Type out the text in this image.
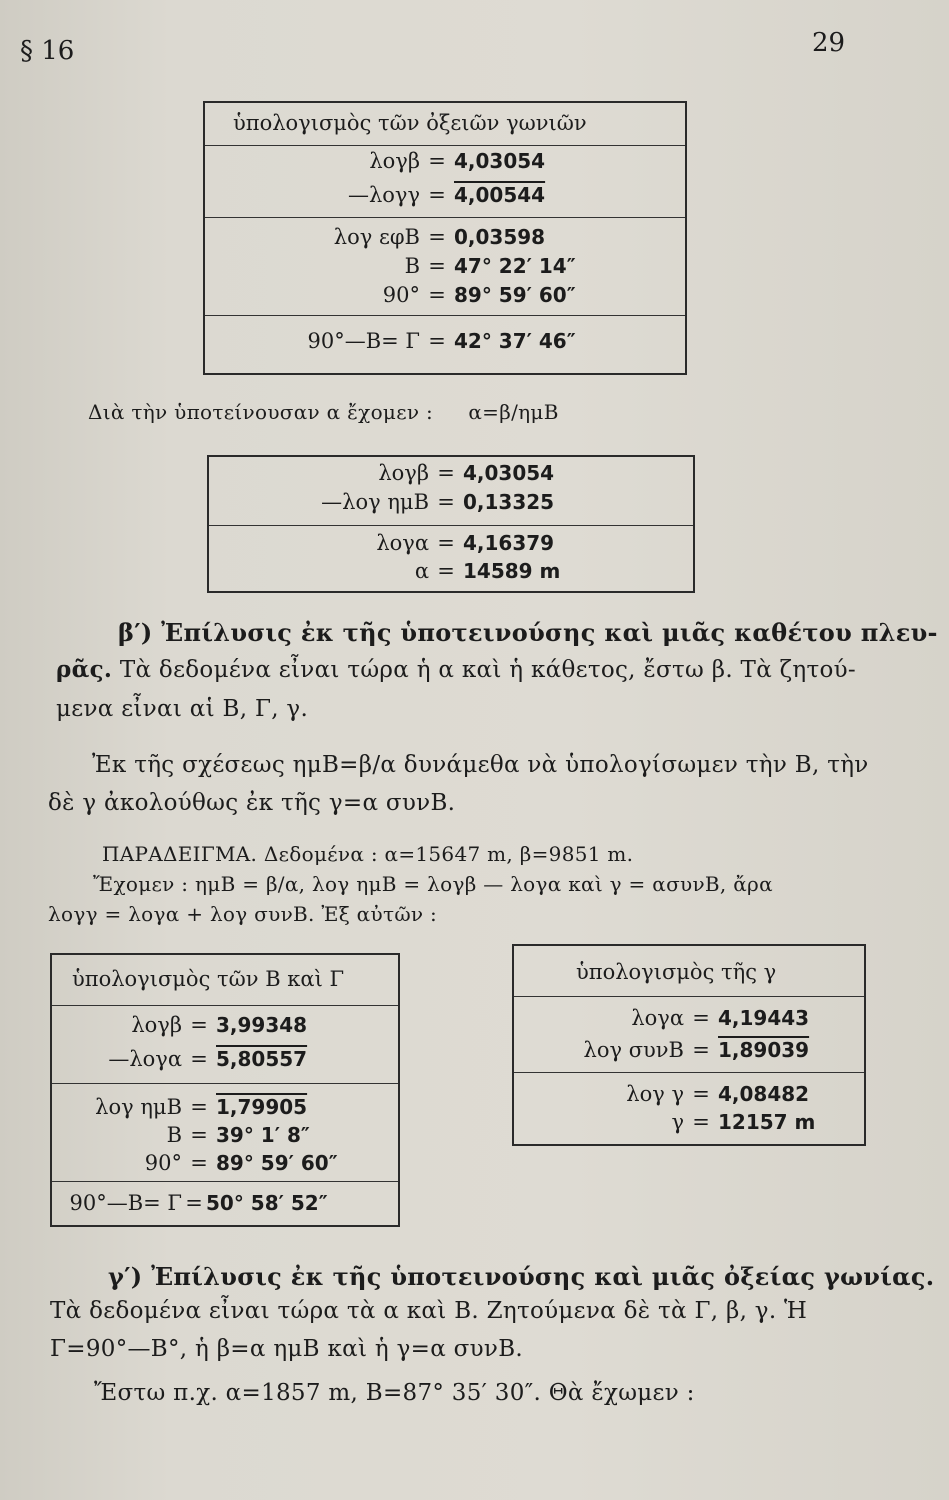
§ 16	29
ὑπολογισμὸς τῶν ὀξειῶν γωνιῶν
λογβ = 4,03054
—λογγ = 4,00544
λογ εφΒ = 0,03598
Β = 47° 22′ 14″
90° = 89° 59′ 60″
90°—Β= Γ = 42° 37′ 46″
Διὰ τὴν ὑποτείνουσαν α ἔχομεν : α=β/ημΒ
λογβ = 4,03054
—λογ ημΒ = 0,13325
λογα = 4,16379
α = 14589 m
β′) Ἐπίλυσις ἐκ τῆς ὑποτεινούσης καὶ μιᾶς καθέτου πλευ-
ρᾶς. Τὰ δεδομένα εἶναι τώρα ἡ α καὶ ἡ κάθετος, ἔστω β. Τὰ ζητού-
μενα εἶναι αἱ Β, Γ, γ.
Ἐκ τῆς σχέσεως ημΒ=β/α δυνάμεθα νὰ ὑπολογίσωμεν τὴν Β, τὴν
δὲ γ ἀκολούθως ἐκ τῆς γ=α συνΒ.
ΠΑΡΑΔΕΙΓΜΑ. Δεδομένα : α=15647 m, β=9851 m.
Ἔχομεν : ημΒ = β/α, λογ ημΒ = λογβ — λογα καὶ γ = ασυνΒ, ἄρα
λογγ = λογα + λογ συνΒ. Ἐξ αὐτῶν :
ὑπολογισμὸς τῶν Β καὶ Γ
λογβ = 3,99348
—λογα = 5,80557
λογ ημΒ = 1,79905
Β = 39° 1′ 8″
90° = 89° 59′ 60″
90°—Β= Γ = 50° 58′ 52″
ὑπολογισμὸς τῆς γ
λογα = 4,19443
λογ συνΒ = 1,89039
λογ γ = 4,08482
γ = 12157 m
γ′) Ἐπίλυσις ἐκ τῆς ὑποτεινούσης καὶ μιᾶς ὀξείας γωνίας.
Τὰ δεδομένα εἶναι τώρα τὰ α καὶ Β. Ζητούμενα δὲ τὰ Γ, β, γ. Ἡ
Γ=90°—Β°, ἡ β=α ημΒ καὶ ἡ γ=α συνΒ.
Ἔστω π.χ. α=1857 m, Β=87° 35′ 30″. Θὰ ἔχωμεν :
